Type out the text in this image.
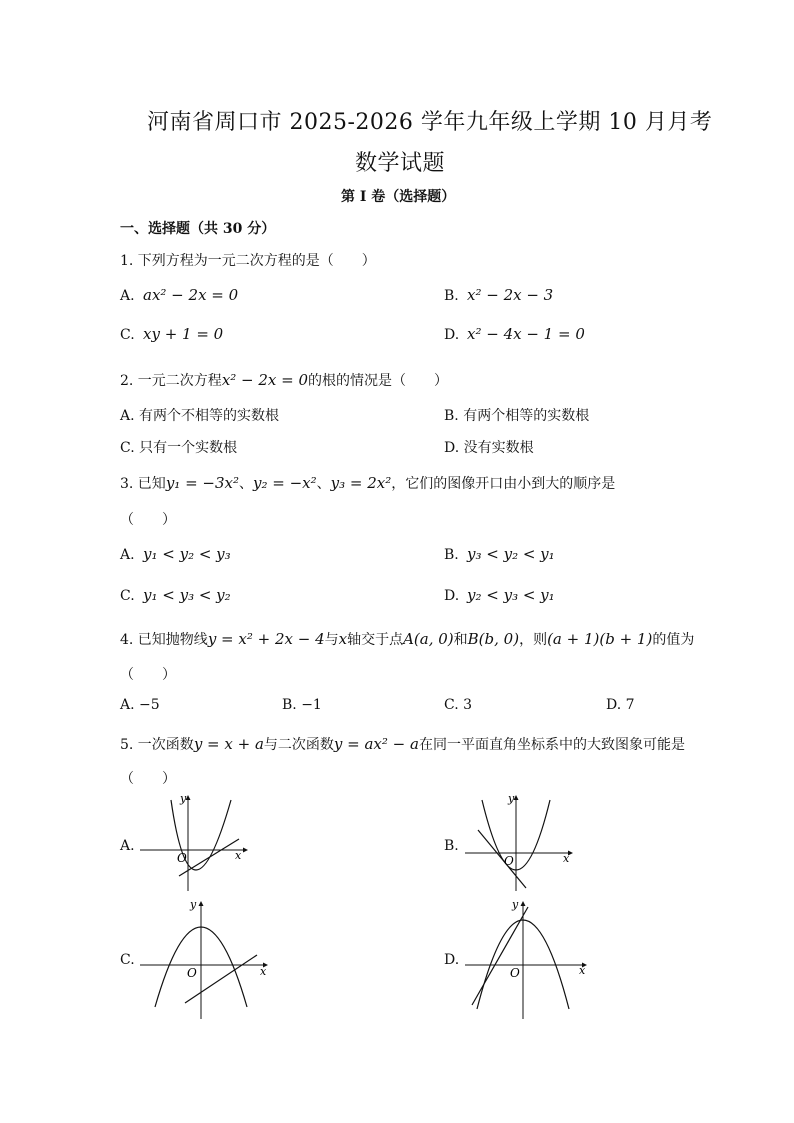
河南省周口市 2025-2026 学年九年级上学期 10 月月考
数学试题
第 I 卷（选择题）
一、选择题（共 30 分）
1. 下列方程为一元二次方程的是（　　）
A. ax² − 2x = 0	B. x² − 2x − 3
C. xy + 1 = 0	D. x² − 4x − 1 = 0
2. 一元二次方程x² − 2x = 0的根的情况是（　　）
A. 有两个不相等的实数根	B. 有两个相等的实数根
C. 只有一个实数根	D. 没有实数根
3. 已知y₁ = −3x²、y₂ = −x²、y₃ = 2x²，它们的图像开口由小到大的顺序是
（　　）
A. y₁ < y₂ < y₃	B. y₃ < y₂ < y₁
C. y₁ < y₃ < y₂	D. y₂ < y₃ < y₁
4. 已知抛物线y = x² + 2x − 4与x轴交于点A(a, 0)和B(b, 0)，则(a + 1)(b + 1)的值为
（　　）
A. −5	B. −1	C. 3	D. 7
5. 一次函数y = x + a与二次函数y = ax² − a在同一平面直角坐标系中的大致图象可能是
（　　）
A.	B.
C.	D.
x
y
O	x
y
O
x
y
O	x
y
O
